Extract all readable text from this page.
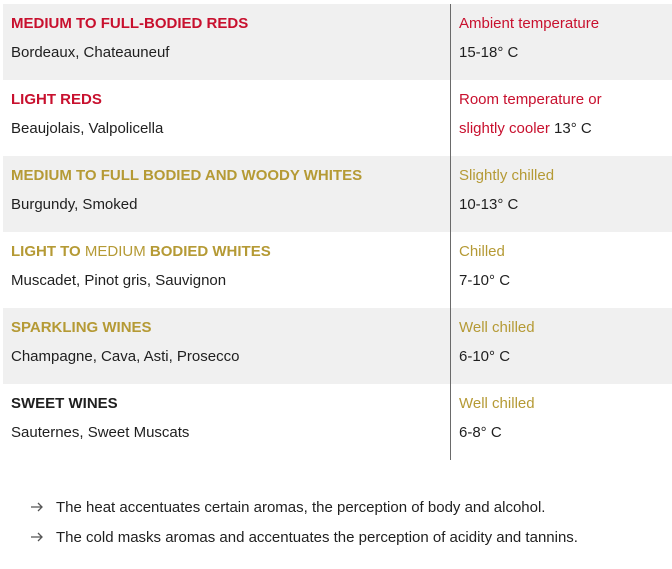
MEDIUM TO FULL-BODIED REDS
Bordeaux, Chateauneuf
Ambient temperature
15-18° C
LIGHT REDS
Beaujolais, Valpolicella
Room temperature or
slightly cooler 13° C
MEDIUM TO FULL BODIED AND WOODY WHITES
Burgundy, Smoked
Slightly chilled
10-13° C
LIGHT TO MEDIUM BODIED WHITES
Muscadet, Pinot gris, Sauvignon
Chilled
7-10° C
SPARKLING WINES
Champagne, Cava, Asti, Prosecco
Well chilled
6-10° C
SWEET WINES
Sauternes, Sweet Muscats
Well chilled
6-8° C
The heat accentuates certain aromas, the perception of body and alcohol.
The cold masks aromas and accentuates the perception of acidity and tannins.
